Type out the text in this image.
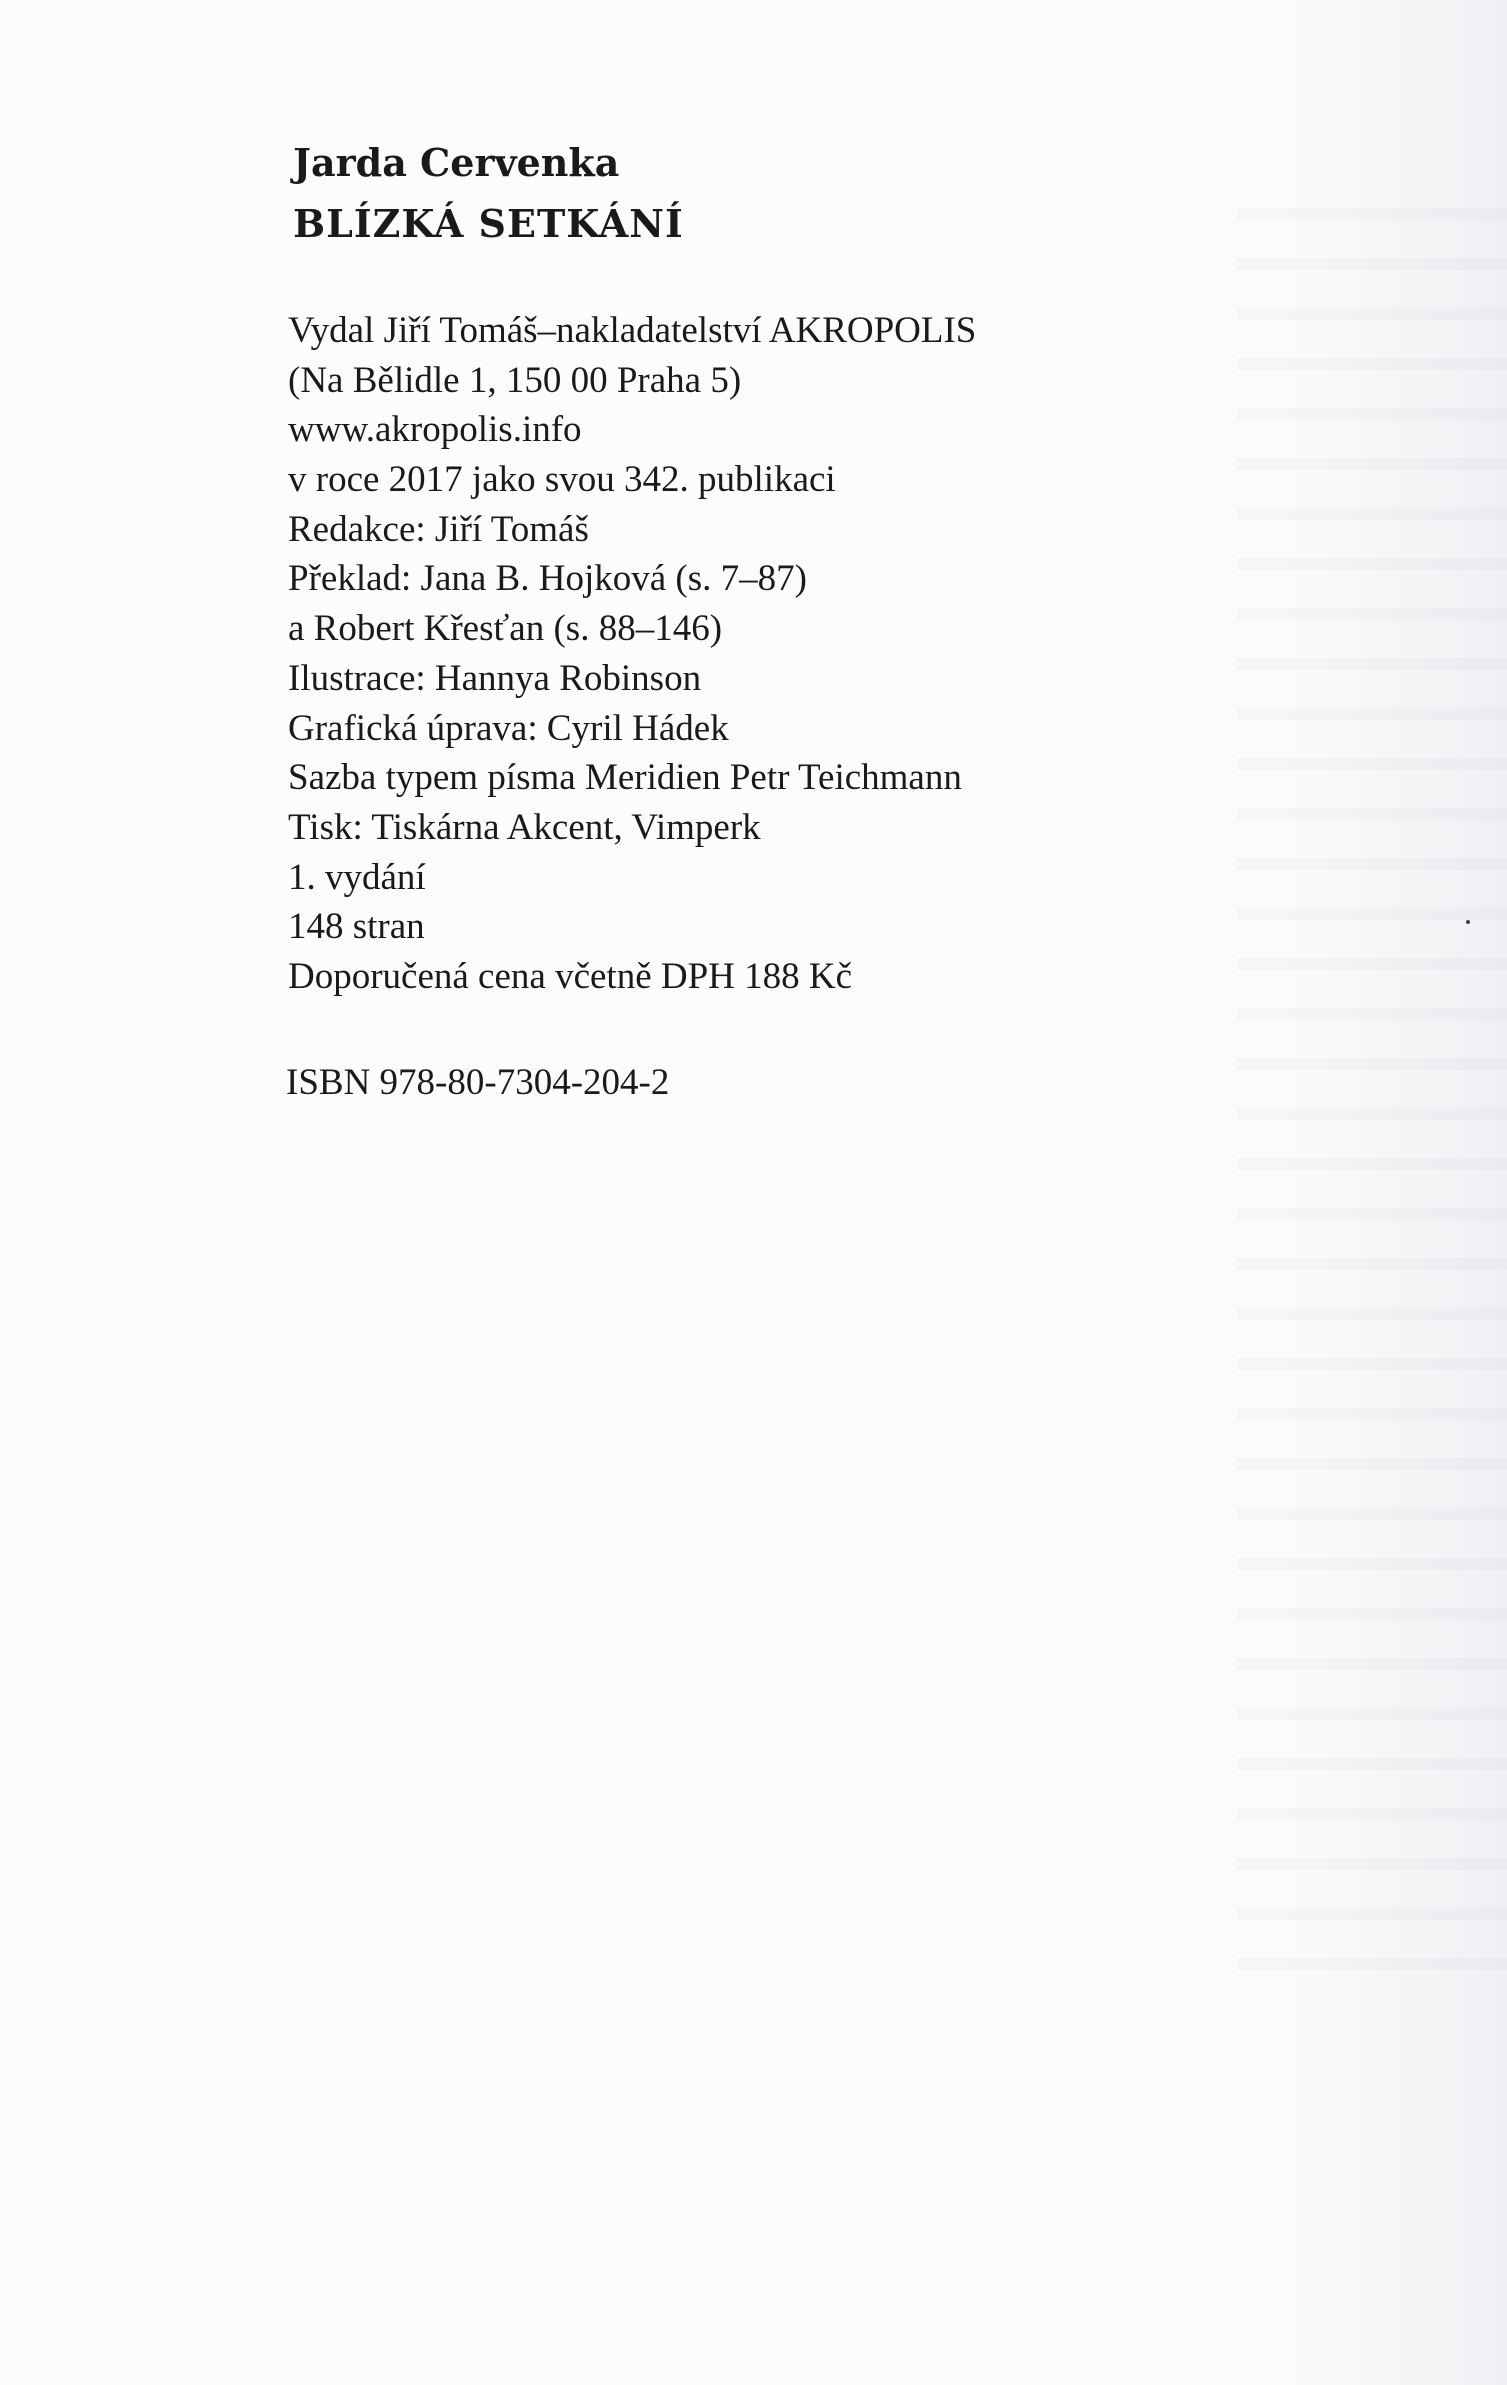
Jarda Cervenka
BLÍZKÁ SETKÁNÍ
Vydal Jiří Tomáš–nakladatelství AKROPOLIS
(Na Bělidle 1, 150 00 Praha 5)
www.akropolis.info
v roce 2017 jako svou 342. publikaci
Redakce: Jiří Tomáš
Překlad: Jana B. Hojková (s. 7–87)
a Robert Křesťan (s. 88–146)
Ilustrace: Hannya Robinson
Grafická úprava: Cyril Hádek
Sazba typem písma Meridien Petr Teichmann
Tisk: Tiskárna Akcent, Vimperk
1. vydání
148 stran
Doporučená cena včetně DPH 188 Kč
ISBN 978-80-7304-204-2
